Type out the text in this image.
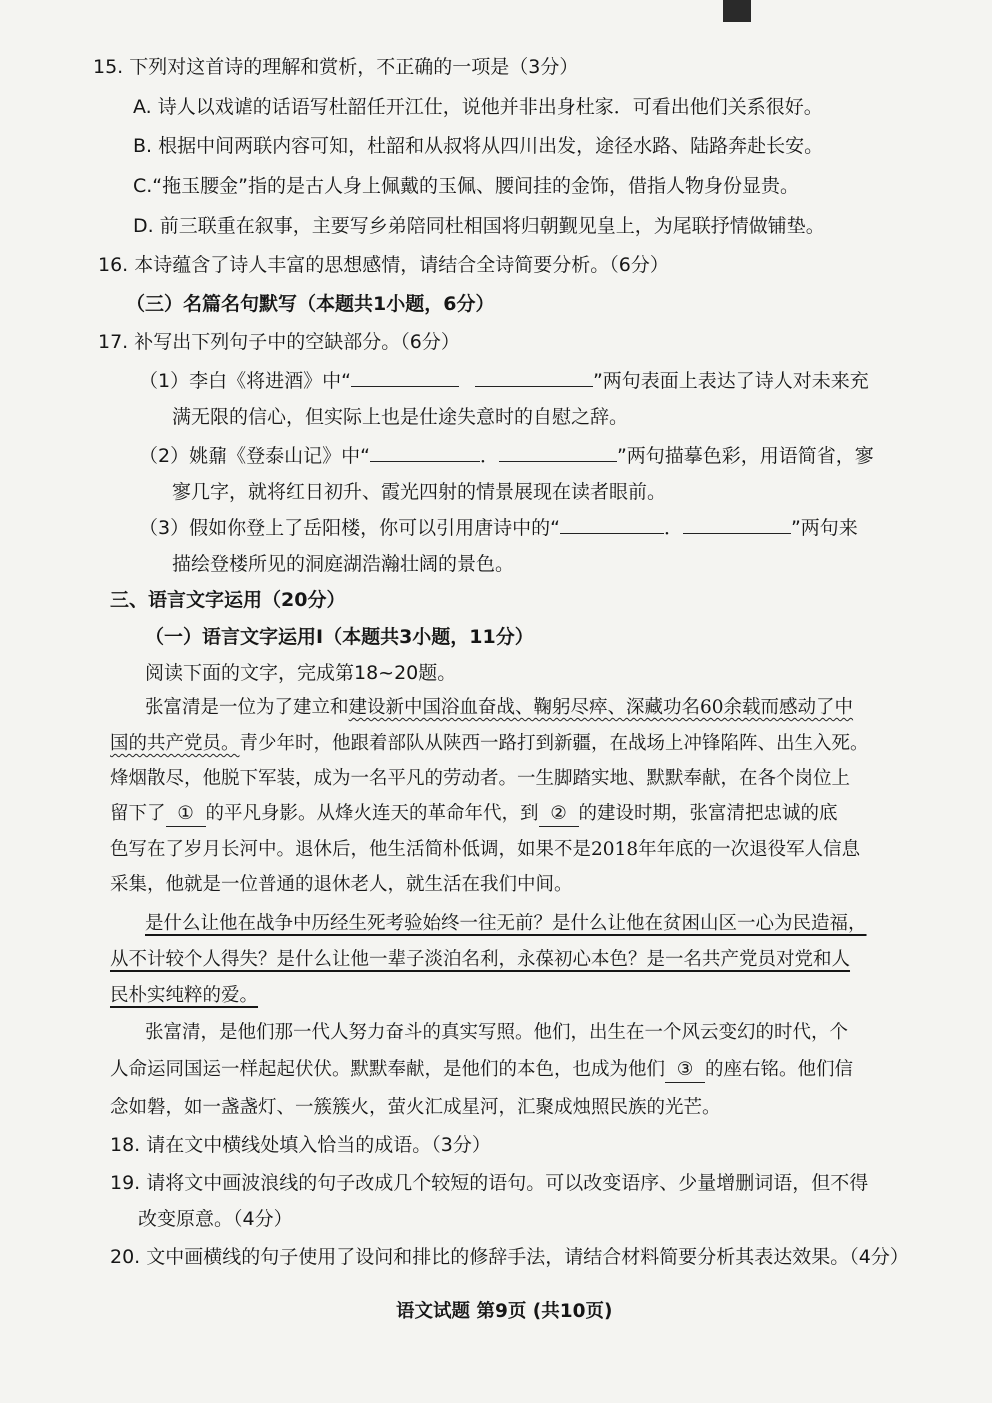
15. 下列对这首诗的理解和赏析，不正确的一项是（3分）
A. 诗人以戏谑的话语写杜韶任开江仕，说他并非出身杜家．可看出他们关系很好。
B. 根据中间两联内容可知，杜韶和从叔将从四川出发，途径水路、陆路奔赴长安。
C.“拖玉腰金”指的是古人身上佩戴的玉佩、腰间挂的金饰，借指人物身份显贵。
D. 前三联重在叙事，主要写乡弟陪同杜相国将归朝觐见皇上，为尾联抒情做铺垫。
16. 本诗蕴含了诗人丰富的思想感情，请结合全诗简要分析。（6分）
（三）名篇名句默写（本题共1小题，6分）
17. 补写出下列句子中的空缺部分。（6分）
（1）李白《将进酒》中“	”两句表面上表达了诗人对未来充
满无限的信心，但实际上也是仕途失意时的自慰之辞。
（2）姚鼐《登泰山记》中“	．	”两句描摹色彩，用语简省，寥
寥几字，就将红日初升、霞光四射的情景展现在读者眼前。
（3）假如你登上了岳阳楼，你可以引用唐诗中的“	．	”两句来
描绘登楼所见的洞庭湖浩瀚壮阔的景色。
三、语言文字运用（20分）
（一）语言文字运用Ⅰ（本题共3小题，11分）
阅读下面的文字，完成第18~20题。
张富清是一位为了建立和建设新中国浴血奋战、鞠躬尽瘁、深藏功名60余载而感动了中
国的共产党员。青少年时，他跟着部队从陕西一路打到新疆，在战场上冲锋陷阵、出生入死。
烽烟散尽，他脱下军装，成为一名平凡的劳动者。一生脚踏实地、默默奉献，在各个岗位上
留下了 ① 的平凡身影。从烽火连天的革命年代，到 ② 的建设时期，张富清把忠诚的底
色写在了岁月长河中。退休后，他生活简朴低调，如果不是2018年年底的一次退役军人信息
采集，他就是一位普通的退休老人，就生活在我们中间。
是什么让他在战争中历经生死考验始终一往无前？是什么让他在贫困山区一心为民造福，
从不计较个人得失？是什么让他一辈子淡泊名利，永葆初心本色？是一名共产党员对党和人
民朴实纯粹的爱。
张富清，是他们那一代人努力奋斗的真实写照。他们，出生在一个风云变幻的时代，个
人命运同国运一样起起伏伏。默默奉献，是他们的本色，也成为他们 ③ 的座右铭。他们信
念如磐，如一盏盏灯、一簇簇火，萤火汇成星河，汇聚成烛照民族的光芒。
18. 请在文中横线处填入恰当的成语。（3分）
19. 请将文中画波浪线的句子改成几个较短的语句。可以改变语序、少量增删词语，但不得
改变原意。（4分）
20. 文中画横线的句子使用了设问和排比的修辞手法，请结合材料简要分析其表达效果。（4分）
语文试题 第9页 (共10页)
